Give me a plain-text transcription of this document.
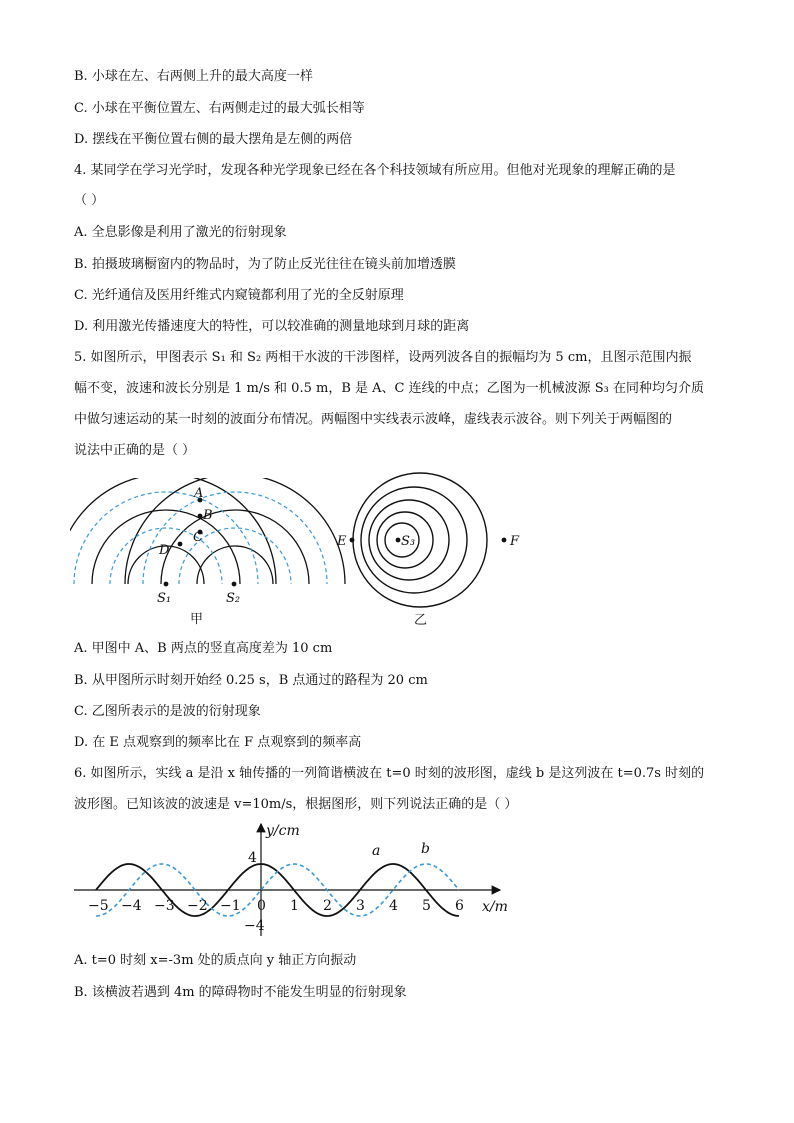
B. 小球在左、右两侧上升的最大高度一样
C. 小球在平衡位置左、右两侧走过的最大弧长相等
D. 摆线在平衡位置右侧的最大摆角是左侧的两倍
4. 某同学在学习光学时，发现各种光学现象已经在各个科技领域有所应用。但他对光现象的理解正确的是
（ ）
A. 全息影像是利用了激光的衍射现象
B. 拍摄玻璃橱窗内的物品时，为了防止反光往往在镜头前加增透膜
C. 光纤通信及医用纤维式内窥镜都利用了光的全反射原理
D. 利用激光传播速度大的特性，可以较准确的测量地球到月球的距离
5. 如图所示，甲图表示 S₁ 和 S₂ 两相干水波的干涉图样，设两列波各自的振幅均为 5 cm，且图示范围内振
幅不变，波速和波长分别是 1 m/s 和 0.5 m，B 是 A、C 连线的中点；乙图为一机械波源 S₃ 在同种均匀介质
中做匀速运动的某一时刻的波面分布情况。两幅图中实线表示波峰，虚线表示波谷。则下列关于两幅图的
说法中正确的是（ ）
A
B
C
D
S₁	S₂
甲
S₃
E	F
乙
A. 甲图中 A、B 两点的竖直高度差为 10 cm
B. 从甲图所示时刻开始经 0.25 s，B 点通过的路程为 20 cm
C. 乙图所表示的是波的衍射现象
D. 在 E 点观察到的频率比在 F 点观察到的频率高
6. 如图所示，实线 a 是沿 x 轴传播的一列简谐横波在 t=0 时刻的波形图，虚线 b 是这列波在 t=0.7s 时刻的
波形图。已知该波的波速是 v=10m/s，根据图形，则下列说法正确的是（ ）
−5 −4 −3 −2 −1 0 1 2 3 4 5 6
y/cm
x/m
4
−4
a	b
A. t=0 时刻 x=-3m 处的质点向 y 轴正方向振动
B. 该横波若遇到 4m 的障碍物时不能发生明显的衍射现象
